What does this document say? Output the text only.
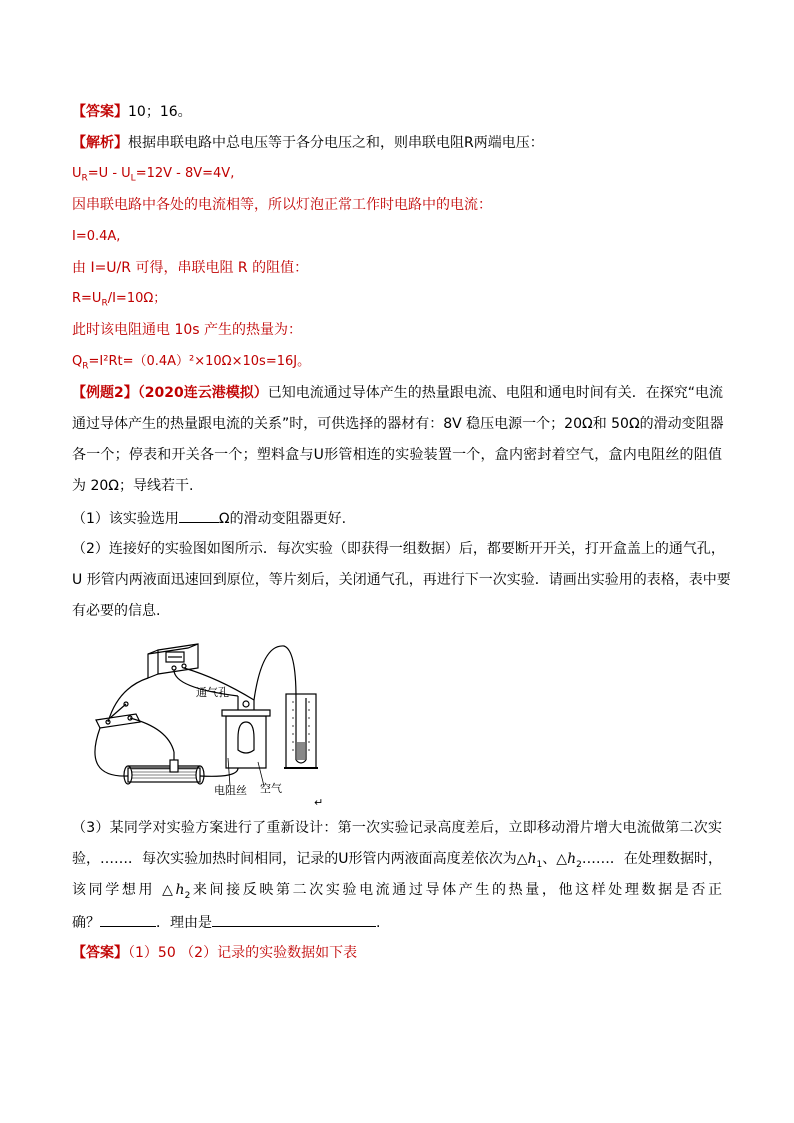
【答案】10；16。
【解析】根据串联电路中总电压等于各分电压之和，则串联电阻R两端电压：
$U_R=U - U_L=12V - 8V=4V$,
因串联电路中各处的电流相等，所以灯泡正常工作时电路中的电流：
I=0.4A,
由 I=U/R 可得，串联电阻 R 的阻值：
$R=U_R/I=10\Omega$；
此时该电阻通电 10s 产生的热量为：
$Q_R=I^2Rt=(0.4A)^2\times 10\Omega\times 10s=16J$。
【例题2】（2020连云港模拟）已知电流通过导体产生的热量跟电流、电阻和通电时间有关．在探究“电流
通过导体产生的热量跟电流的关系”时，可供选择的器材有：8V 稳压电源一个；20Ω和 50Ω的滑动变阻器
各一个；停表和开关各一个；塑料盒与U形管相连的实验装置一个，盒内密封着空气，盒内电阻丝的阻值
为 20Ω；导线若干.
（1）该实验选用	Ω的滑动变阻器更好.
（2）连接好的实验图如图所示．每次实验（即获得一组数据）后，都要断开开关，打开盒盖上的通气孔，
U 形管内两液面迅速回到原位，等片刻后，关闭通气孔，再进行下一次实验．请画出实验用的表格，表中要
有必要的信息.
通气孔
电阻丝 空气
↵
（3）某同学对实验方案进行了重新设计：第一次实验记录高度差后，立即移动滑片增大电流做第二次实
验，……．每次实验加热时间相同，记录的U形管内两液面高度差依次为$\triangle h_1$、$\triangle h_2\dots\dots$．在处理数据时，
该同学想用 $\triangle h_2$来间接反映第二次实验电流通过导体产生的热量，他这样处理数据是否正
确？	．理由是	.
【答案】（1）50 （2）记录的实验数据如下表
